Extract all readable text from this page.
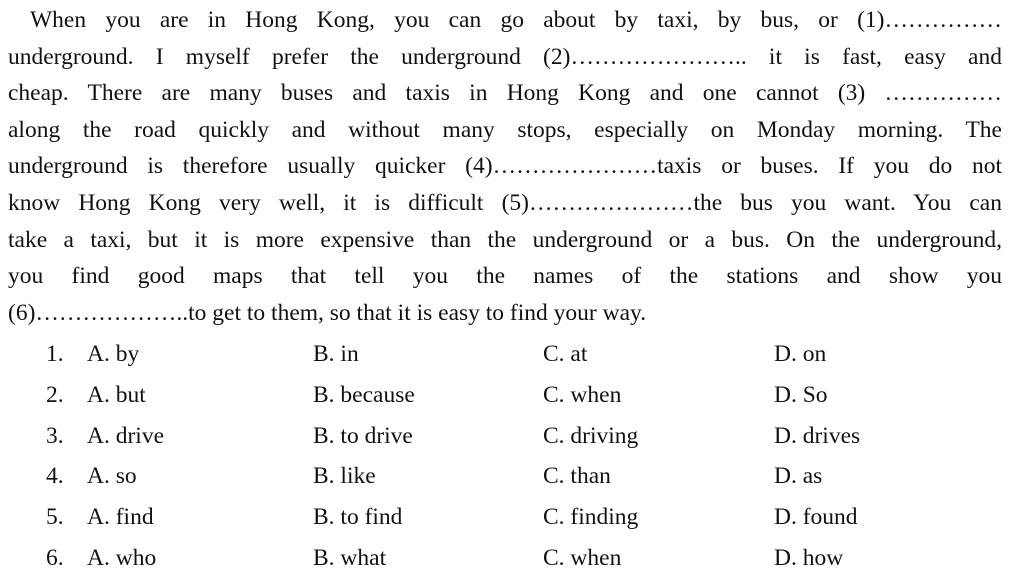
When you are in Hong Kong, you can go about by taxi, by bus, or (1)……………
underground. I myself prefer the underground (2)………………….. it is fast, easy and
cheap. There are many buses and taxis in Hong Kong and one cannot (3) ……………
along the road quickly and without many stops, especially on Monday morning. The
underground is therefore usually quicker (4)…………………taxis or buses. If you do not
know Hong Kong very well, it is difficult (5)…………………the bus you want. You can
take a taxi, but it is more expensive than the underground or a bus. On the underground,
you find good maps that tell you the names of the stations and show you
(6)………………..to get to them, so that it is easy to find your way.
1. A. by	B. in	C. at	D. on
2. A. but	B. because	C. when	D. So
3. A. drive	B. to drive	C. driving	D. drives
4. A. so	B. like	C. than	D. as
5. A. find	B. to find	C. finding	D. found
6. A. who	B. what	C. when	D. how
